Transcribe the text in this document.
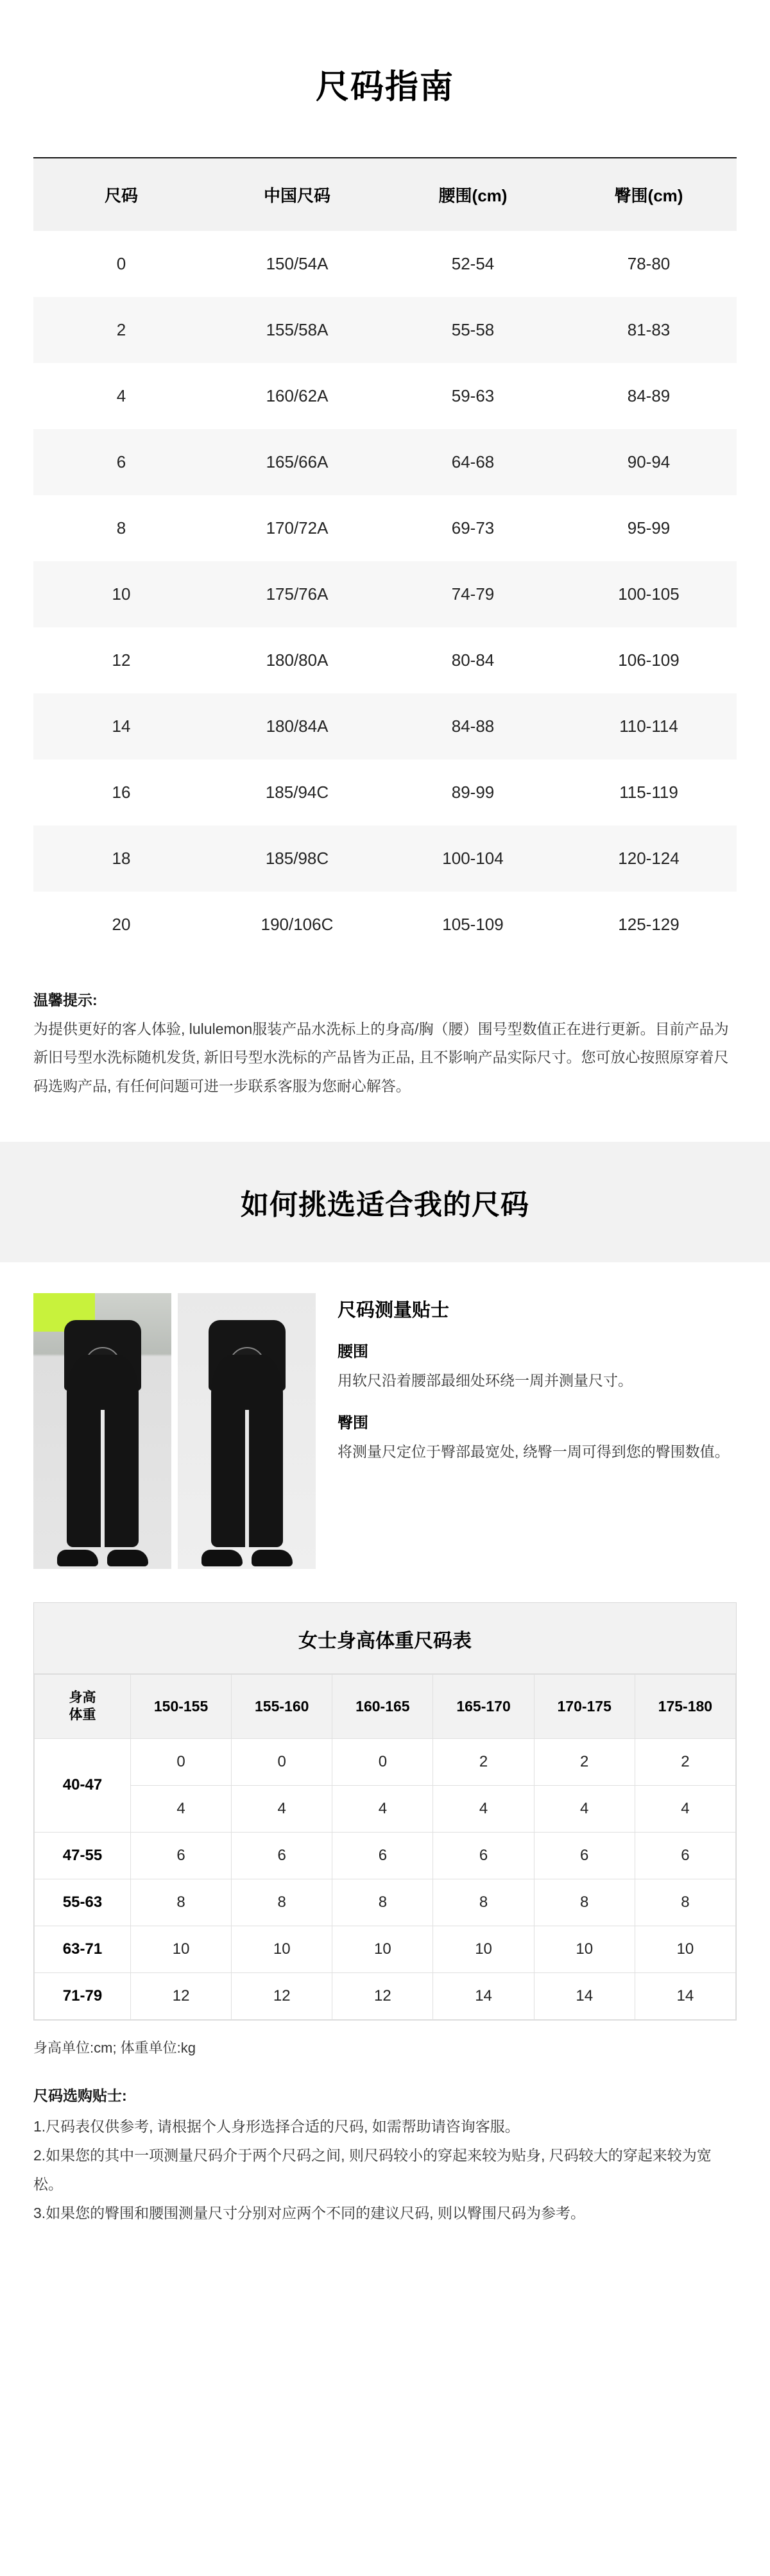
尺码指南
尺码	中国尺码	腰围(cm)	臀围(cm)
0	150/54A	52-54	78-80
2	155/58A	55-58	81-83
4	160/62A	59-63	84-89
6	165/66A	64-68	90-94
8	170/72A	69-73	95-99
10	175/76A	74-79	100-105
12	180/80A	80-84	106-109
14	180/84A	84-88	110-114
16	185/94C	89-99	115-119
18	185/98C	100-104	120-124
20	190/106C	105-109	125-129
温馨提示:
为提供更好的客人体验, lululemon服装产品水洗标上的身高/胸（腰）围号型数值正在进行更新。目前产品为新旧号型水洗标随机发货, 新旧号型水洗标的产品皆为正品, 且不影响产品实际尺寸。您可放心按照原穿着尺码选购产品, 有任何问题可进一步联系客服为您耐心解答。
如何挑选适合我的尺码
尺码测量贴士
腰围
用软尺沿着腰部最细处环绕一周并测量尺寸。
臀围
将测量尺定位于臀部最宽处, 绕臀一周可得到您的臀围数值。
女士身高体重尺码表
身高
体重	150-155	155-160	160-165	165-170	170-175	175-180
40-47	0	0	0	2	2	2
	4	4	4	4	4	4
47-55	6	6	6	6	6	6
55-63	8	8	8	8	8	8
63-71	10	10	10	10	10	10
71-79	12	12	12	14	14	14
身高单位:cm; 体重单位:kg
尺码选购贴士:

1.尺码表仅供参考, 请根据个人身形选择合适的尺码, 如需帮助请咨询客服。

2.如果您的其中一项测量尺码介于两个尺码之间, 则尺码较小的穿起来较为贴身, 尺码较大的穿起来较为宽松。

3.如果您的臀围和腰围测量尺寸分别对应两个不同的建议尺码, 则以臀围尺码为参考。
